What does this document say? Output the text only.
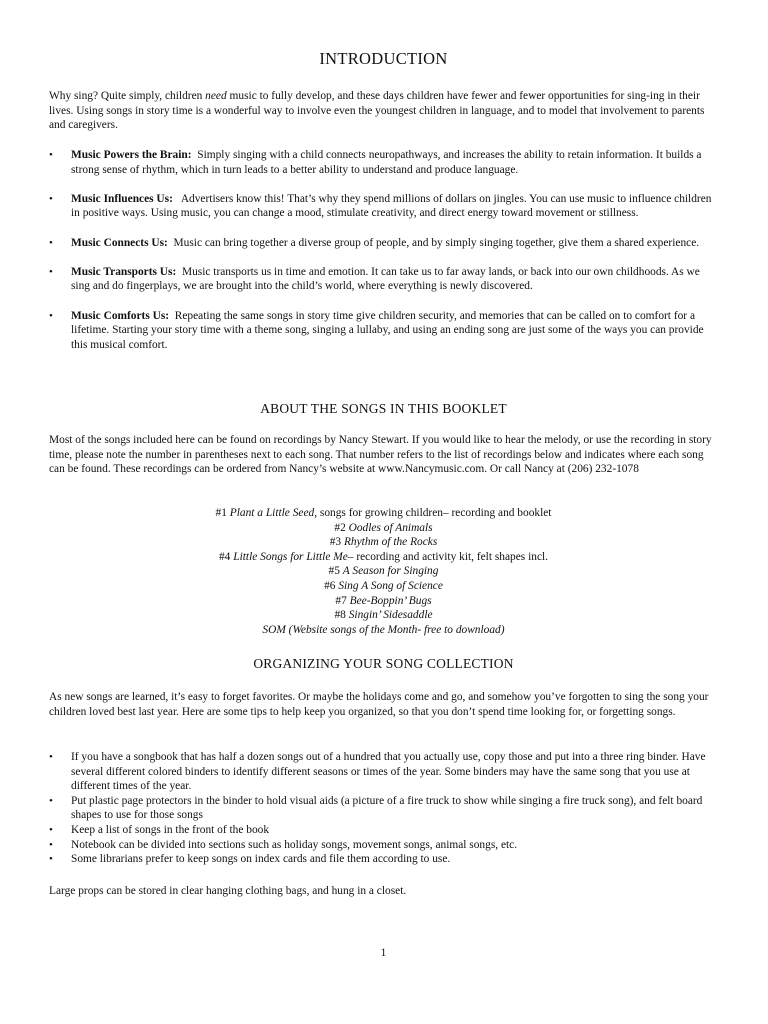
INTRODUCTION

Why sing? Quite simply, children need music to fully develop, and these days children have fewer and fewer opportunities for sing-ing in their lives. Using songs in story time is a wonderful way to involve even the youngest children in language, and to model that involvement to parents and caregivers.

• Music Powers the Brain: Simply singing with a child connects neuropathways, and increases the ability to retain information. It builds a strong sense of rhythm, which in turn leads to a better ability to understand and produce language.
• Music Influences Us: Advertisers know this! That’s why they spend millions of dollars on jingles. You can use music to influence children in positive ways. Using music, you can change a mood, stimulate creativity, and direct energy toward movement or stillness.
• Music Connects Us: Music can bring together a diverse group of people, and by simply singing together, give them a shared experience.
• Music Transports Us: Music transports us in time and emotion. It can take us to far away lands, or back into our own childhoods. As we sing and do fingerplays, we are brought into the child’s world, where everything is newly discovered.
• Music Comforts Us: Repeating the same songs in story time give children security, and memories that can be called on to comfort for a lifetime. Starting your story time with a theme song, singing a lullaby, and using an ending song are just some of the ways you can provide this musical comfort.
ABOUT THE SONGS IN THIS BOOKLET

Most of the songs included here can be found on recordings by Nancy Stewart. If you would like to hear the melody, or use the recording in story time, please note the number in parentheses next to each song. That number refers to the list of recordings below and indicates where each song can be found. These recordings can be ordered from Nancy’s website at www.Nancymusic.com. Or call Nancy at (206) 232-1078

#1 Plant a Little Seed, songs for growing children– recording and booklet
#2 Oodles of Animals
#3 Rhythm of the Rocks
#4 Little Songs for Little Me– recording and activity kit, felt shapes incl.
#5 A Season for Singing
#6 Sing A Song of Science
#7 Bee-Boppin’ Bugs
#8 Singin’ Sidesaddle
SOM (Website songs of the Month- free to download)
ORGANIZING YOUR SONG COLLECTION

As new songs are learned, it’s easy to forget favorites. Or maybe the holidays come and go, and somehow you’ve forgotten to sing the song your children loved best last year. Here are some tips to help keep you organized, so that you don’t spend time looking for, or forgetting songs.

• If you have a songbook that has half a dozen songs out of a hundred that you actually use, copy those and put into a three ring binder. Have several different colored binders to identify different seasons or times of the year. Some binders may have the same song that you use at different times of the year.
• Put plastic page protectors in the binder to hold visual aids (a picture of a fire truck to show while singing a fire truck song), and felt board shapes to use for those songs
• Keep a list of songs in the front of the book
• Notebook can be divided into sections such as holiday songs, movement songs, animal songs, etc.
• Some librarians prefer to keep songs on index cards and file them according to use.

Large props can be stored in clear hanging clothing bags, and hung in a closet.

1
